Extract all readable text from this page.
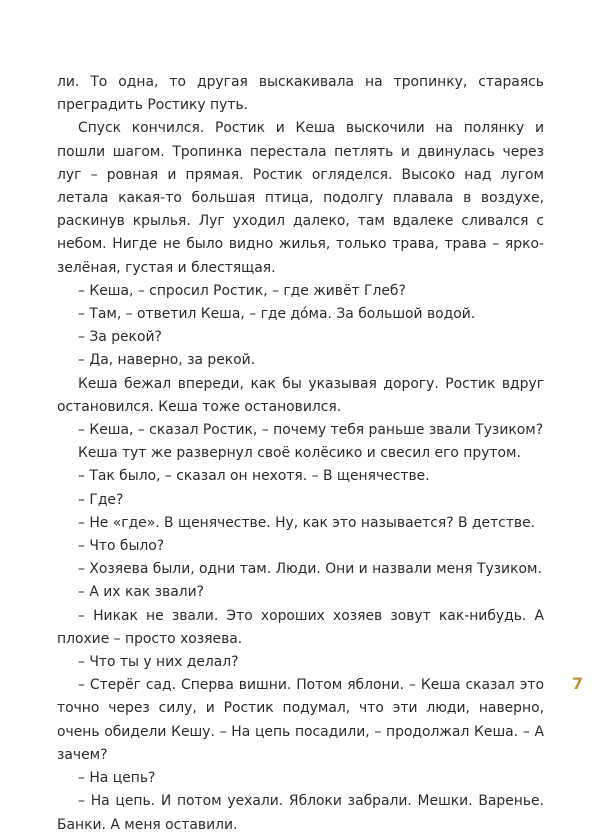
ли. То одна, то другая выскакивала на тропинку, стараясь преградить Ростику путь.

Спуск кончился. Ростик и Кеша выскочили на полянку и пошли шагом. Тропинка перестала петлять и двинулась через луг – ровная и прямая. Ростик огляделся. Высоко над лугом летала какая-то большая птица, подолгу плавала в воздухе, раскинув крылья. Луг уходил далеко, там вдалеке сливался с небом. Нигде не было видно жилья, только трава, трава – ярко-зелёная, густая и блестящая.

– Кеша, – спросил Ростик, – где живёт Глеб?

– Там, – ответил Кеша, – где до́ма. За большой водой.

– За рекой?

– Да, наверно, за рекой.

Кеша бежал впереди, как бы указывая дорогу. Ростик вдруг остановился. Кеша тоже остановился.

– Кеша, – сказал Ростик, – почему тебя раньше звали Тузиком?

Кеша тут же развернул своё колёсико и свесил его прутом.

– Так было, – сказал он нехотя. – В щенячестве.

– Где?

– Не «где». В щенячестве. Ну, как это называется? В детстве.

– Что было?

– Хозяева были, одни там. Люди. Они и назвали меня Тузиком.

– А их как звали?

– Никак не звали. Это хороших хозяев зовут как-нибудь. А плохие – просто хозяева.

– Что ты у них делал?

– Стерёг сад. Сперва вишни. Потом яблони. – Кеша сказал это точно через силу, и Ростик подумал, что эти люди, наверно, очень обидели Кешу. – На цепь посадили, – продолжал Кеша. – А зачем?

– На цепь?

– На цепь. И потом уехали. Яблоки забрали. Мешки. Варенье. Банки. А меня оставили.

7
